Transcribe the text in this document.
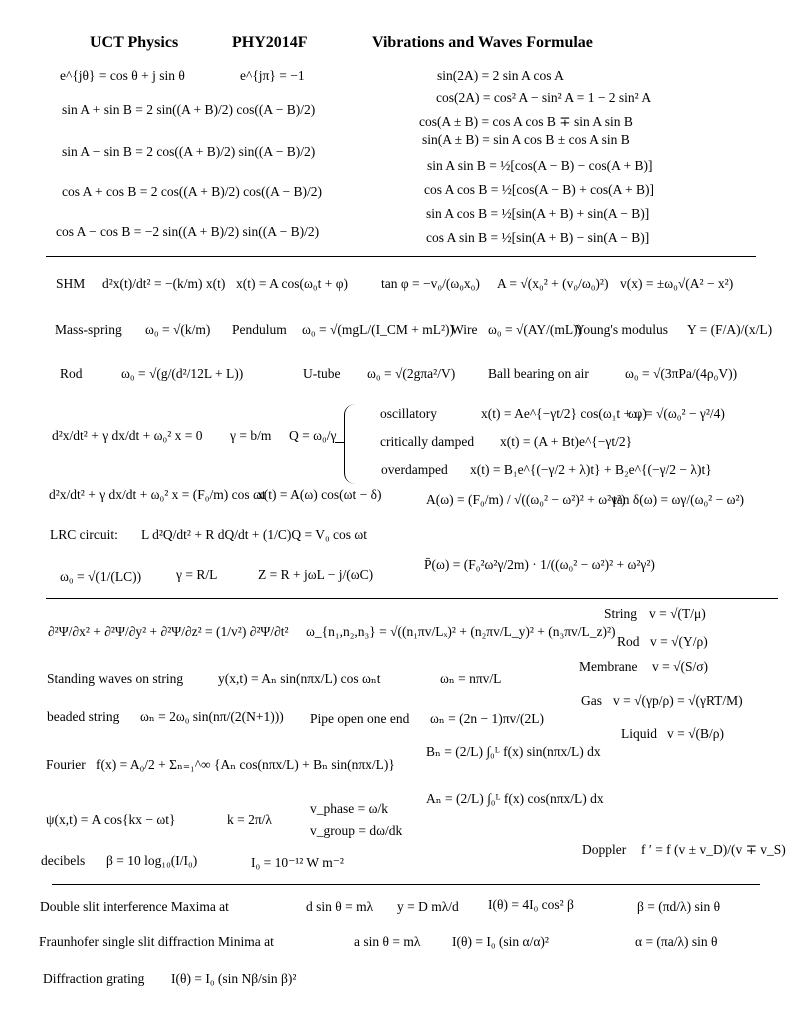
UCT Physics	PHY2014F	Vibrations and Waves Formulae
e^{jθ} = cos θ + j sin θ	e^{jπ} = −1
sin A + sin B = 2 sin((A + B)/2) cos((A − B)/2)
sin A − sin B = 2 cos((A + B)/2) sin((A − B)/2)
cos A + cos B = 2 cos((A + B)/2) cos((A − B)/2)
cos A − cos B = −2 sin((A + B)/2) sin((A − B)/2)
sin(2A) = 2 sin A cos A
cos(2A) = cos² A − sin² A = 1 − 2 sin² A
cos(A ± B) = cos A cos B ∓ sin A sin B
sin(A ± B) = sin A cos B ± cos A sin B
sin A sin B = ½[cos(A − B) − cos(A + B)]
cos A cos B = ½[cos(A − B) + cos(A + B)]
sin A cos B = ½[sin(A + B) + sin(A − B)]
cos A sin B = ½[sin(A + B) − sin(A − B)]
SHM d²x(t)/dt² = −(k/m) x(t) x(t) = A cos(ω₀t + φ) tan φ = −v₀/(ω₀x₀) A = √(x₀² + (v₀/ω₀)²) v(x) = ±ω₀√(A² − x²)
Mass-spring ω₀ = √(k/m) Pendulum ω₀ = √(mgL/(I_CM + mL²))
Wire ω₀ = √(AY/(mL))
Young's modulus Y = (F/A)/(x/L)
Rod	ω₀ = √(g/(d²/12L + L))	U-tube ω₀ = √(2gπa²/V) Ball bearing on air	ω₀ = √(3πPa/(4ρ₀V))
d²x/dt² + γ dx/dt + ω₀² x = 0 γ = b/m Q = ω₀/γ
oscillatory	x(t) = Ae^{−γt/2} cos(ω₁t + φ)
ω₁ = √(ω₀² − γ²/4)
critically damped x(t) = (A + Bt)e^{−γt/2}
overdamped x(t) = B₁e^{(−γ/2 + λ)t} + B₂e^{(−γ/2 − λ)t}
d²x/dt² + γ dx/dt + ω₀² x = (F₀/m) cos ωt
x(t) = A(ω) cos(ωt − δ)	A(ω) = (F₀/m) / √((ω₀² − ω²)² + ω²γ²)
tan δ(ω) = ωγ/(ω₀² − ω²)
LRC circuit: L d²Q/dt² + R dQ/dt + (1/C)Q = V₀ cos ωt
P̄(ω) = (F₀²ω²γ/2m) · 1/((ω₀² − ω²)² + ω²γ²)
ω₀ = √(1/(LC))	γ = R/L	Z = R + jωL − j/(ωC)
∂²Ψ/∂x² + ∂²Ψ/∂y² + ∂²Ψ/∂z² = (1/v²) ∂²Ψ/∂t² ω_{n₁,n₂,n₃} = √((n₁πv/Lₓ)² + (n₂πv/L_y)² + (n₃πv/L_z)²)
String v = √(T/μ)
Rod v = √(Y/ρ)
Membrane v = √(S/σ)
Gas v = √(γp/ρ) = √(γRT/M)
Liquid v = √(B/ρ)
Standing waves on string	y(x,t) = Aₙ sin(nπx/L) cos ωₙt	ωₙ = nπv/L
beaded string ωₙ = 2ω₀ sin(nπ/(2(N+1))) Pipe open one end ωₙ = (2n − 1)πv/(2L)
Fourier f(x) = A₀/2 + Σₙ₌₁^∞ {Aₙ cos(nπx/L) + Bₙ sin(nπx/L)}
Bₙ = (2/L) ∫₀ᴸ f(x) sin(nπx/L) dx
Aₙ = (2/L) ∫₀ᴸ f(x) cos(nπx/L) dx
ψ(x,t) = A cos{kx − ωt}	k = 2π/λ
v_phase = ω/k
v_group = dω/dk
decibels β = 10 log₁₀(I/I₀)	I₀ = 10⁻¹² W m⁻²
Doppler f ′ = f (v ± v_D)/(v ∓ v_S)
Double slit interference Maxima at	d sin θ = mλ y = D mλ/d I(θ) = 4I₀ cos² β	β = (πd/λ) sin θ
Fraunhofer single slit diffraction Minima at	a sin θ = mλ I(θ) = I₀ (sin α/α)²	α = (πa/λ) sin θ
Diffraction grating I(θ) = I₀ (sin Nβ/sin β)²
